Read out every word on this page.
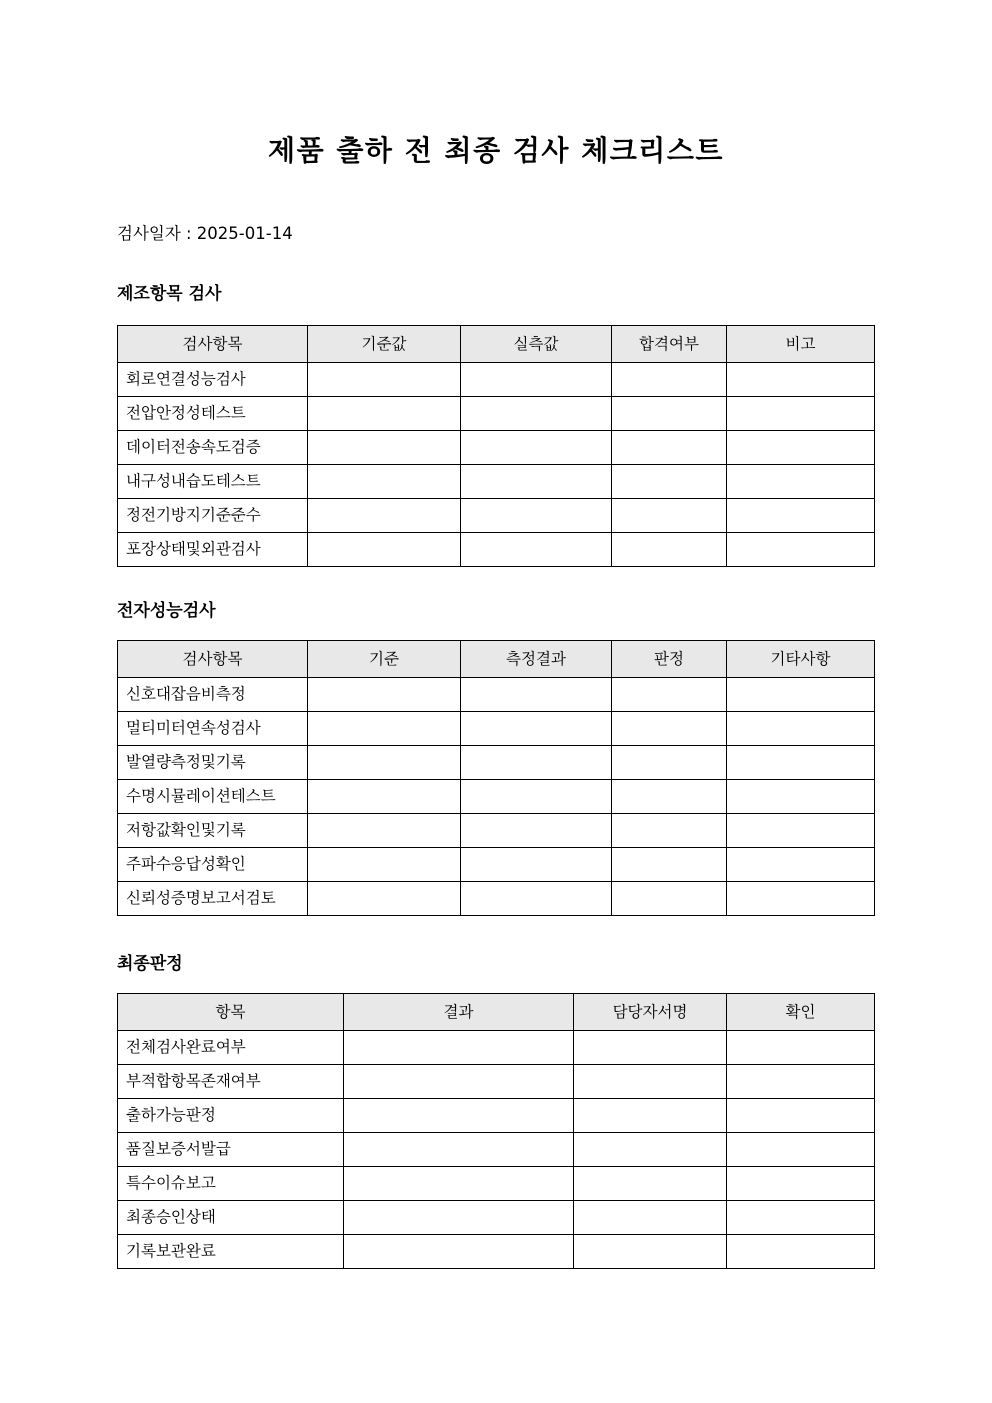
제품 출하 전 최종 검사 체크리스트
검사일자 : 2025-01-14
제조항목 검사
검사항목	기준값	실측값	합격여부	비고
회로연결성능검사				
전압안정성테스트				
데이터전송속도검증				
내구성내습도테스트				
정전기방지기준준수				
포장상태및외관검사				
전자성능검사
검사항목	기준	측정결과	판정	기타사항
신호대잡음비측정				
멀티미터연속성검사				
발열량측정및기록				
수명시뮬레이션테스트				
저항값확인및기록				
주파수응답성확인				
신뢰성증명보고서검토				
최종판정
항목	결과	담당자서명	확인
전체검사완료여부			
부적합항목존재여부			
출하가능판정			
품질보증서발급			
특수이슈보고			
최종승인상태			
기록보관완료			
